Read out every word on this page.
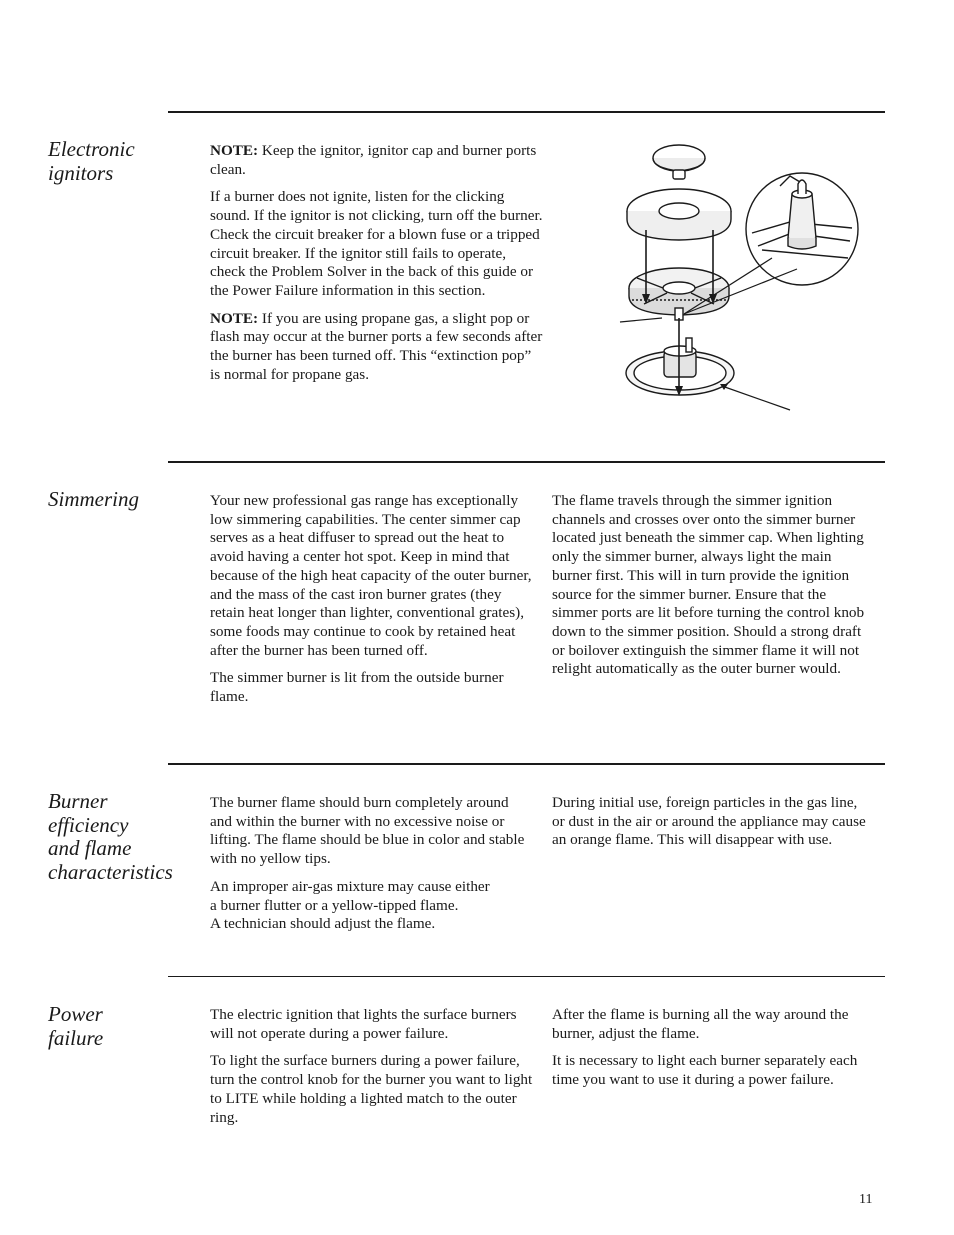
Electronic
ignitors

NOTE: Keep the ignitor, ignitor cap and burner ports clean.

If a burner does not ignite, listen for the clicking sound. If the ignitor is not clicking, turn off the burner. Check the circuit breaker for a blown fuse or a tripped circuit breaker. If the ignitor still fails to operate, check the Problem Solver in the back of this guide or the Power Failure information in this section.

NOTE: If you are using propane gas, a slight pop or flash may occur at the burner ports a few seconds after the burner has been turned off. This “extinction pop” is normal for propane gas.

Simmering	Your new professional gas range has exceptionally low simmering capabilities. The center simmer cap serves as a heat diffuser to spread out the heat to avoid having a center hot spot. Keep in mind that because of the high heat capacity of the outer burner, and the mass of the cast iron burner grates (they retain heat longer than lighter, conventional grates), some foods may continue to cook by retained heat after the burner has been turned off.

The simmer burner is lit from the outside burner flame.

The flame travels through the simmer ignition channels and crosses over onto the simmer burner located just beneath the simmer cap. When lighting only the simmer burner, always light the main burner first. This will in turn provide the ignition source for the simmer burner. Ensure that the simmer ports are lit before turning the control knob down to the simmer position. Should a strong draft or boilover extinguish the simmer flame it will not relight automatically as the outer burner would.

Burner
efficiency
and flame
characteristics

The burner flame should burn completely around and within the burner with no excessive noise or lifting. The flame should be blue in color and stable with no yellow tips.

An improper air-gas mixture may cause either
a burner flutter or a yellow-tipped flame.
A technician should adjust the flame.

During initial use, foreign particles in the gas line, or dust in the air or around the appliance may cause an orange flame. This will disappear with use.

Power
failure

The electric ignition that lights the surface burners will not operate during a power failure.

To light the surface burners during a power failure, turn the control knob for the burner you want to light to LITE while holding a lighted match to the outer ring.

After the flame is burning all the way around the burner, adjust the flame.

It is necessary to light each burner separately each time you want to use it during a power failure.

11
